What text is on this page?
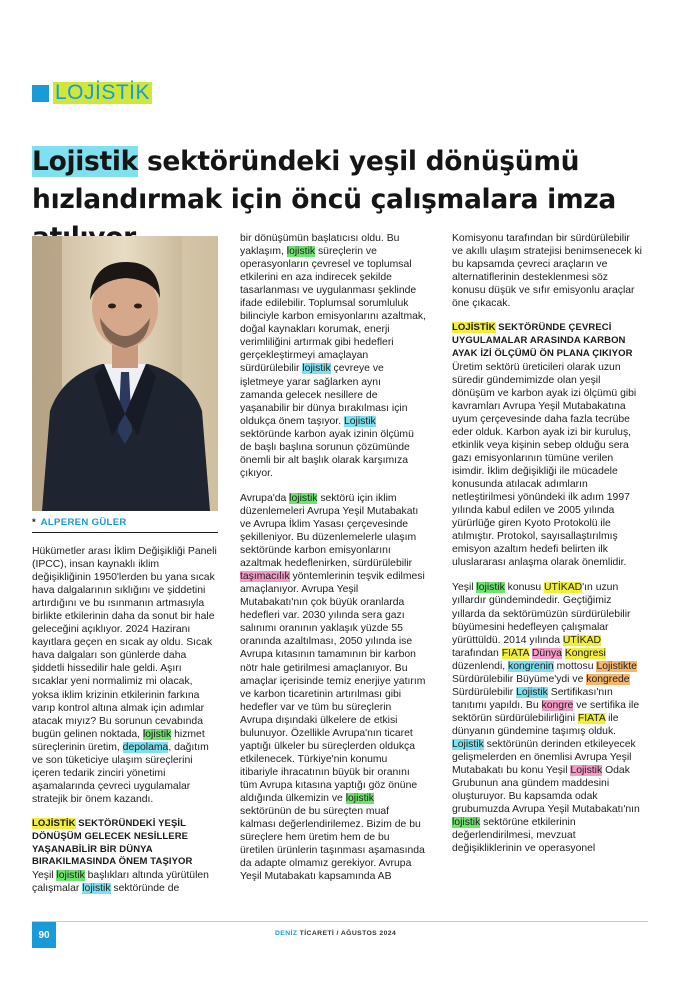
LOJİSTİK
Lojistik sektöründeki yeşil dönüşümü
hızlandırmak için öncü çalışmalara imza
* ALPEREN GÜLER

Hükümetler arası İklim Değişikliği Paneli (IPCC), insan kaynaklı iklim değişikliğinin 1950'lerden bu yana sıcak hava dalgalarının sıklığını ve şiddetini artırdığını ve bu ısınmanın artmasıyla birlikte etkilerinin daha da sonut bir hale geleceğini açıklıyor. 2024 Haziranı kayıtlara geçen en sıcak ay oldu. Sıcak hava dalgaları son günlerde daha şiddetli hissedilir hale geldi. Aşırı sıcaklar yeni normalimiz mi olacak, yoksa iklim krizinin etkilerinin farkına varıp kontrol altına almak için adımlar atacak mıyız? Bu sorunun cevabında bugün gelinen noktada, lojistik hizmet süreçlerinin üretim, depolama, dağıtım ve son tüketiciye ulaşım süreçlerini içeren tedarik zinciri yönetimi aşamalarında çevreci uygulamalar stratejik bir önem kazandı.

LOJİSTİK SEKTÖRÜNDEKİ YEŞİL DÖNÜŞÜM GELECEK NESİLLERE YAŞANABİLİR BİR DÜNYA BIRAKILMASINDA ÖNEM TAŞIYOR

Yeşil lojistik başlıkları altında yürütülen çalışmalar lojistik sektöründe de

bir dönüşümün başlatıcısı oldu. Bu yaklaşım, lojistik süreçlerin ve operasyonların çevresel ve toplumsal etkilerini en aza indirecek şekilde tasarlanması ve uygulanması şeklinde ifade edilebilir. Toplumsal sorumluluk bilinciyle karbon emisyonlarını azaltmak, doğal kaynakları korumak, enerji verimliliğini artırmak gibi hedefleri gerçekleştirmeyi amaçlayan sürdürülebilir lojistik çevreye ve işletmeye yarar sağlarken aynı zamanda gelecek nesillere de yaşanabilir bir dünya bırakılması için oldukça önem taşıyor. Lojistik sektöründe karbon ayak izinin ölçümü de başlı başlına sorunun çözümünde önemli bir alt başlık olarak karşımıza çıkıyor.

Avrupa'da lojistik sektörü için iklim düzenlemeleri Avrupa Yeşil Mutabakatı ve Avrupa İklim Yasası çerçevesinde şekilleniyor. Bu düzenlemelerle ulaşım sektöründe karbon emisyonlarını azaltmak hedeflenirken, sürdürülebilir taşımacılık yöntemlerinin teşvik edilmesi amaçlanıyor. Avrupa Yeşil Mutabakatı'nın çok büyük oranlarda hedefleri var. 2030 yılında sera gazı salınımı oranının yaklaşık yüzde 55 oranında azaltılması, 2050 yılında ise Avrupa kıtasının tamamının bir karbon nötr hale getirilmesi amaçlanıyor. Bu amaçlar içerisinde temiz enerjiye yatırım ve karbon ticaretinin artırılması gibi hedefler var ve tüm bu süreçlerin Avrupa dışındaki ülkelere de etkisi bulunuyor. Özellikle Avrupa'nın ticaret yaptığı ülkeler bu süreçlerden oldukça etkilenecek. Türkiye'nin konumu itibariyle ihracatının büyük bir oranını tüm Avrupa kıtasına yaptığı göz önüne aldığında ülkemizin ve lojistik sektörünün de bu süreçten muaf kalması değerlendirilemez. Bizim de bu süreçlere hem üretim hem de bu üretilen ürünlerin taşınması aşamasında da adapte olmamız gerekiyor. Avrupa Yeşil Mutabakatı kapsamında AB

Komisyonu tarafından bir sürdürülebilir ve akıllı ulaşım stratejisi benimsenecek ki bu kapsamda çevreci araçların ve alternatiflerinin desteklenmesi söz konusu düşük ve sıfır emisyonlu araçlar öne çıkacak.

LOJİSTİK SEKTÖRÜNDE ÇEVRECİ UYGULAMALAR ARASINDA KARBON AYAK İZİ ÖLÇÜMÜ ÖN PLANA ÇIKIYOR

Üretim sektörü üreticileri olarak uzun süredir gündemimizde olan yeşil dönüşüm ve karbon ayak izi ölçümü gibi kavramları Avrupa Yeşil Mutabakatına uyum çerçevesinde daha fazla tecrübe eder olduk. Karbon ayak izi bir kuruluş, etkinlik veya kişinin sebep olduğu sera gazı emisyonlarının tümüne verilen isimdir. İklim değişikliği ile mücadele konusunda atılacak adımların netleştirilmesi yönündeki ilk adım 1997 yılında kabul edilen ve 2005 yılında yürürlüğe giren Kyoto Protokolü ile atılmıştır. Protokol, sayısallaştırılmış emisyon azaltım hedefi belirten ilk uluslararası anlaşma olarak önemlidir.

Yeşil lojistik konusu UTİKAD'ın uzun yıllardır gündemindedir. Geçtiğimiz yıllarda da sektörümüzün sürdürülebilir büyümesini hedefleyen çalışmalar yürüttüldü. 2014 yılında UTİKAD tarafından FIATA Dünya Kongresi düzenlendi, kongrenin mottosu Lojistikte Sürdürülebilir Büyüme'ydi ve kongrede Sürdürülebilir Lojistik Sertifikası'nın tanıtımı yapıldı. Bu kongre ve sertifika ile sektörün sürdürülebilirliğini FIATA ile dünyanın gündemine taşımış olduk. Lojistik sektörünün derinden etkileyecek gelişmelerden en önemlisi Avrupa Yeşil Mutabakatı bu konu Yeşil Lojistik Odak Grubunun ana gündem maddesini oluşturuyor. Bu kapsamda odak grubumuzda Avrupa Yeşil Mutabakatı'nın lojistik sektörüne etkilerinin değerlendirilmesi, mevzuat değişikliklerinin ve operasyonel

90	DENİZ TİCARETİ / AĞUSTOS 2024
